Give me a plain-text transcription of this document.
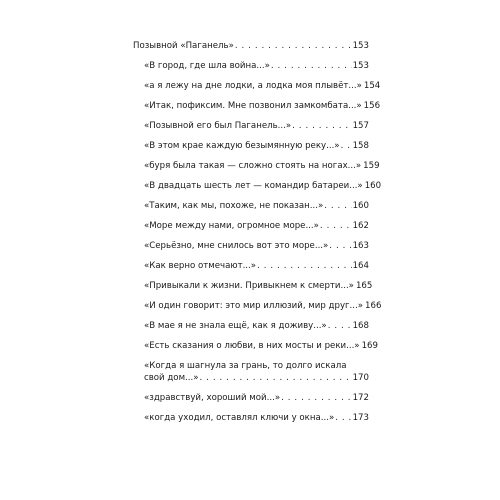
Позывной «Паганель» . . .	153
«В город, где шла война...» . . .	153
«а я лежу на дне лодки, а лодка моя плывёт...» 154
«Итак, пофиксим. Мне позвонил замкомбата...» 156
«Позывной его был Паганель...» . . .	157
«В этом крае каждую безымянную реку...» . . . 158
«буря была такая — сложно стоять на ногах...» 159
«В двадцать шесть лет — командир батареи...» 160
«Таким, как мы, похоже, не показан...» . . .	160
«Море между нами, огромное море...» . . .	162
«Серьёзно, мне снилось вот это море...» . . .	163
«Как верно отмечают...» . . .	164
«Привыкали к жизни. Привыкнем к смерти...» 165
«И один говорит: это мир иллюзий, мир друг...» 166
«В мае я не знала ещё, как я доживу...» . . .	168
«Есть сказания о любви, в них мосты и реки...» 169
«Когда я шагнула за грань, то долго искала
свой дом...» . . .	170
«здравствуй, хороший мой...» . . .	172
«когда уходил, оставлял ключи у окна...» . . . 173
